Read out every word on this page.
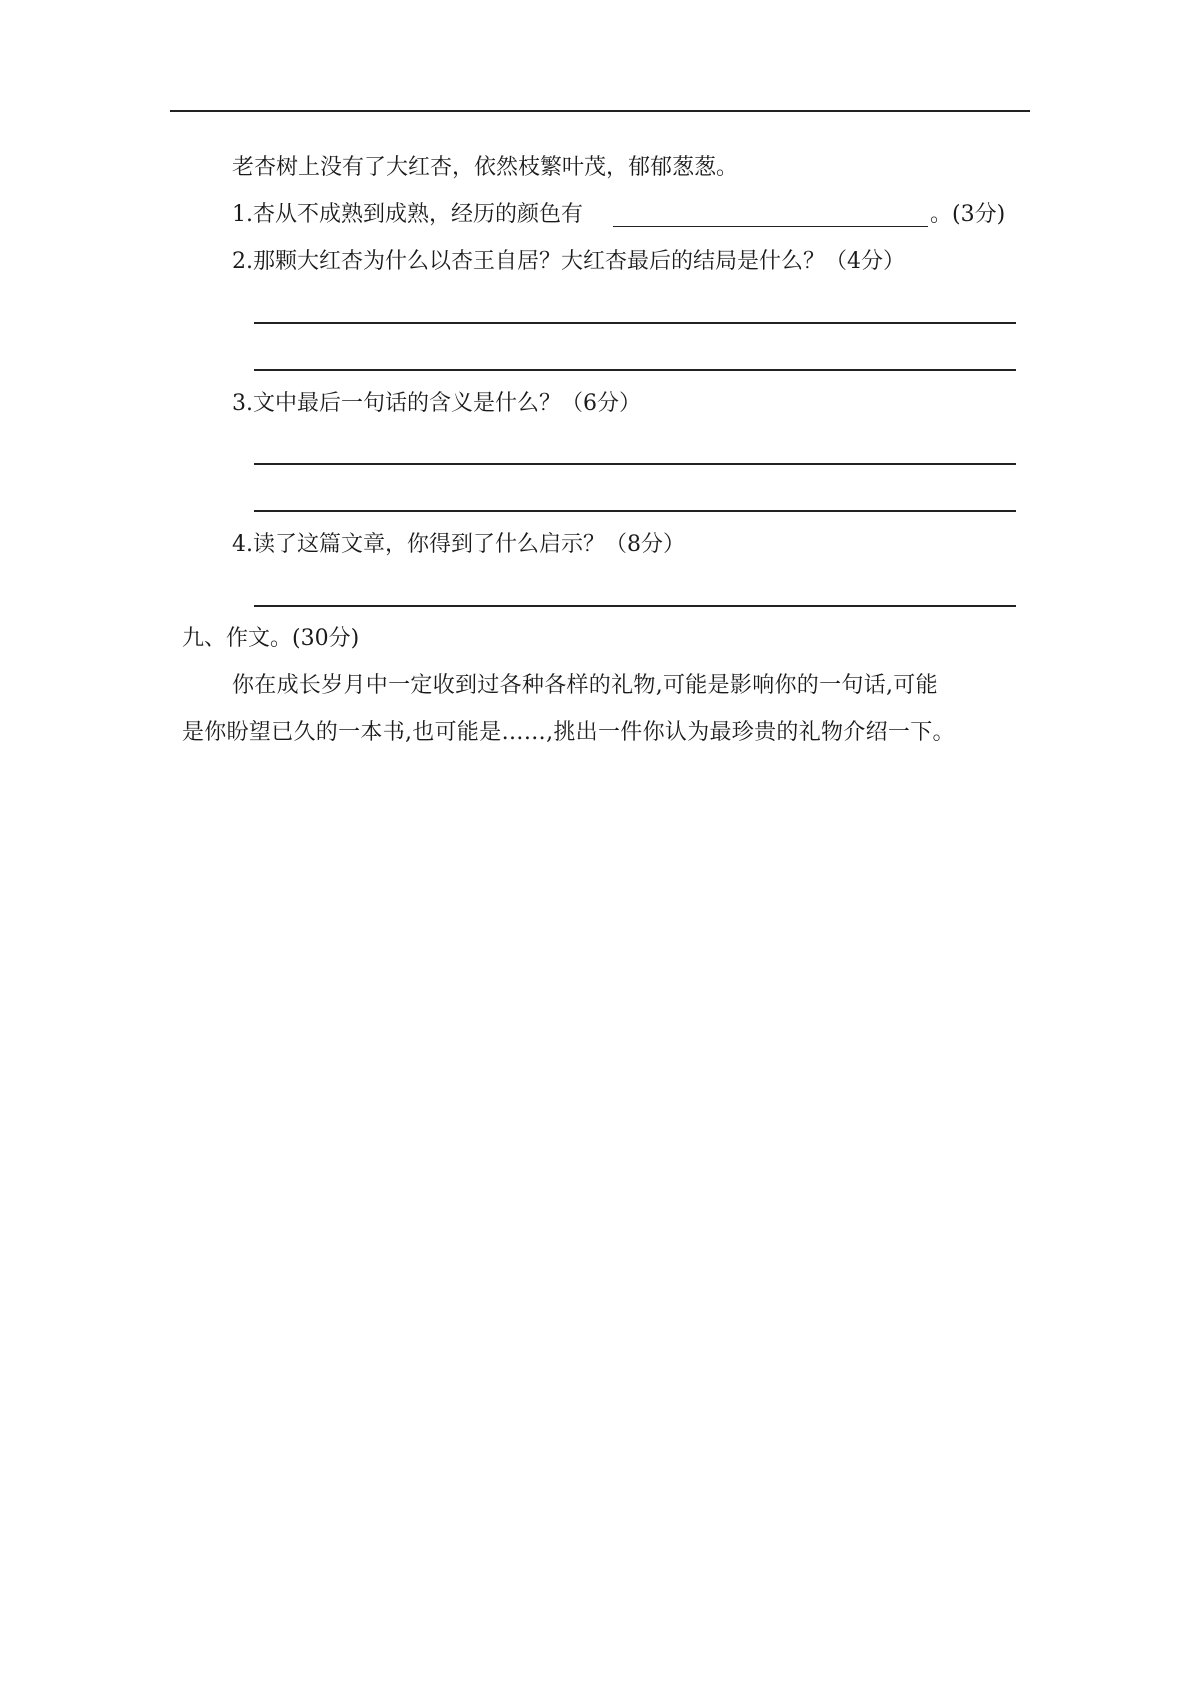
老杏树上没有了大红杏，依然枝繁叶茂，郁郁葱葱。
1.杏从不成熟到成熟，经历的颜色有	。(3分)
2.那颗大红杏为什么以杏王自居？大红杏最后的结局是什么？（4分）
3.文中最后一句话的含义是什么？（6分）
4.读了这篇文章，你得到了什么启示？（8分）
九、作文。(30分)
你在成长岁月中一定收到过各种各样的礼物,可能是影响你的一句话,可能
是你盼望已久的一本书,也可能是……,挑出一件你认为最珍贵的礼物介绍一下。
